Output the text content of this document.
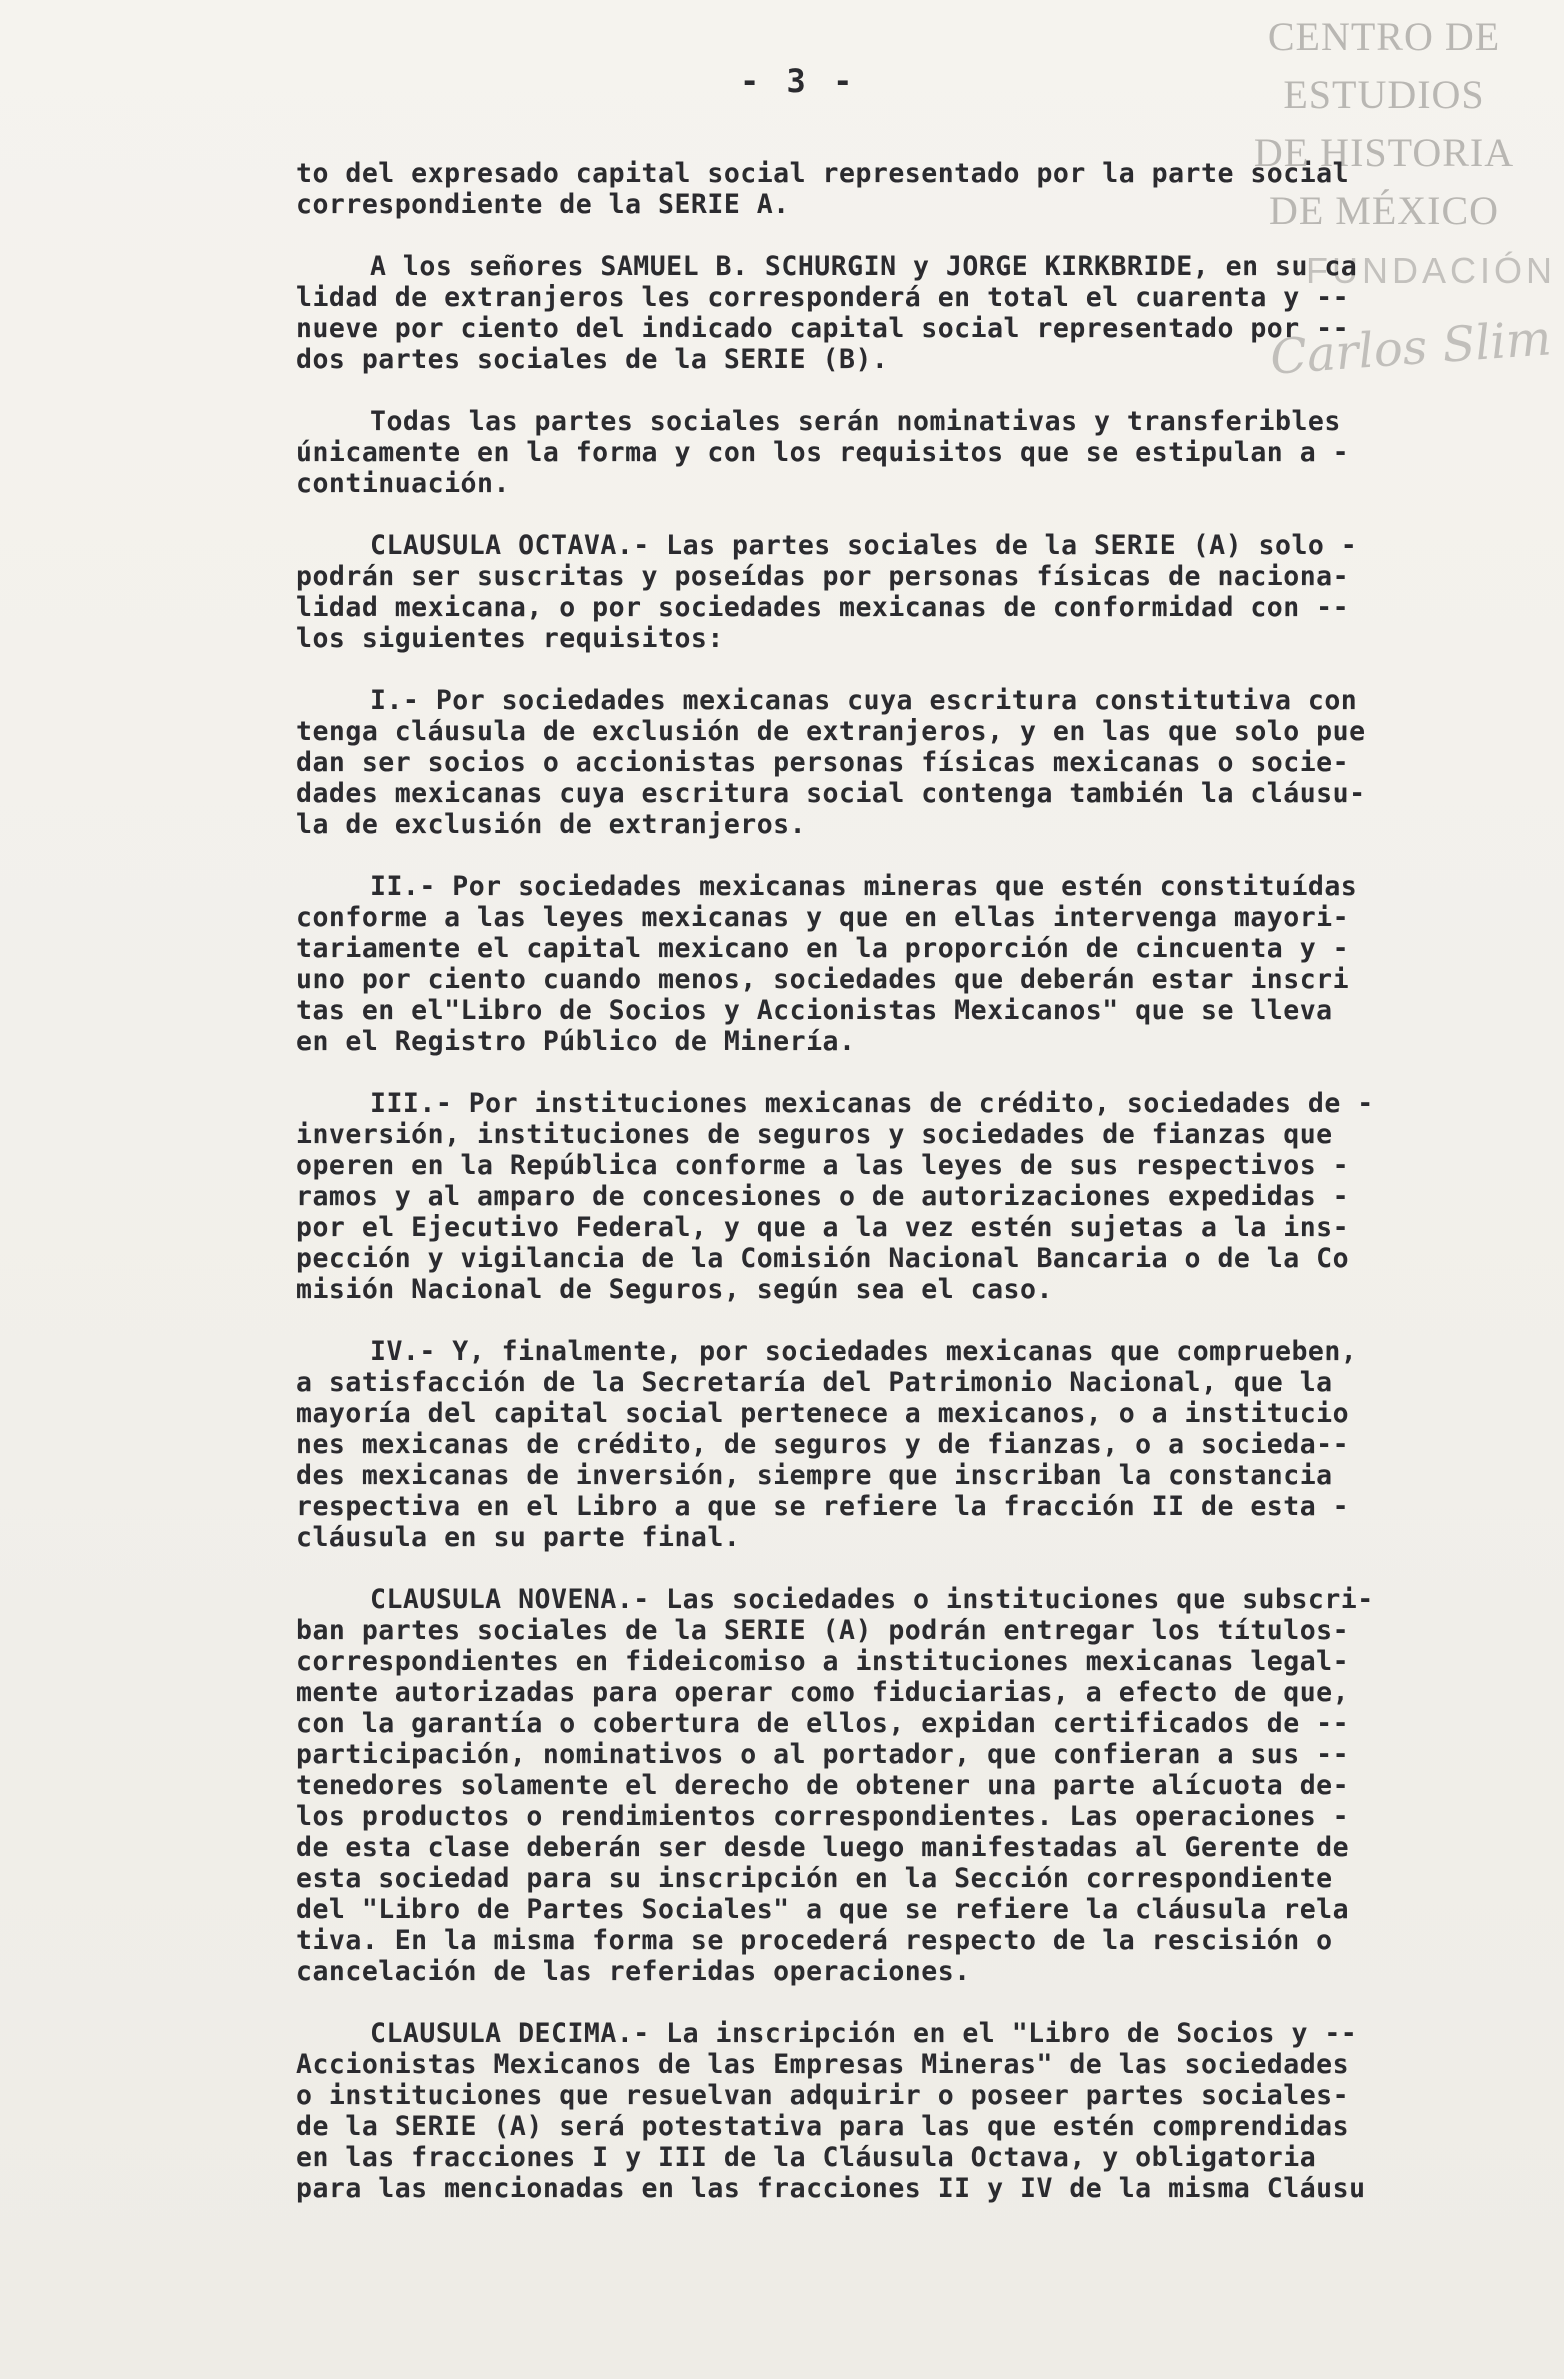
CENTRO DE
ESTUDIOS
DE HISTORIA
DE MÉXICO
FUNDACIÓN
Carlos Slim
- 3 -
to del expresado capital social representado por la parte social
correspondiente de la SERIE A.
A los señores SAMUEL B. SCHURGIN y JORGE KIRKBRIDE, en su ca
lidad de extranjeros les corresponderá en total el cuarenta y --
nueve por ciento del indicado capital social representado por --
dos partes sociales de la SERIE (B).
Todas las partes sociales serán nominativas y transferibles
únicamente en la forma y con los requisitos que se estipulan a -
continuación.
CLAUSULA OCTAVA.- Las partes sociales de la SERIE (A) solo -
podrán ser suscritas y poseídas por personas físicas de naciona-
lidad mexicana, o por sociedades mexicanas de conformidad con --
los siguientes requisitos:
I.- Por sociedades mexicanas cuya escritura constitutiva con
tenga cláusula de exclusión de extranjeros, y en las que solo pue
dan ser socios o accionistas personas físicas mexicanas o socie-
dades mexicanas cuya escritura social contenga también la cláusu-
la de exclusión de extranjeros.
II.- Por sociedades mexicanas mineras que estén constituídas
conforme a las leyes mexicanas y que en ellas intervenga mayori-
tariamente el capital mexicano en la proporción de cincuenta y -
uno por ciento cuando menos, sociedades que deberán estar inscri
tas en el"Libro de Socios y Accionistas Mexicanos" que se lleva
en el Registro Público de Minería.
III.- Por instituciones mexicanas de crédito, sociedades de -
inversión, instituciones de seguros y sociedades de fianzas que
operen en la República conforme a las leyes de sus respectivos -
ramos y al amparo de concesiones o de autorizaciones expedidas -
por el Ejecutivo Federal, y que a la vez estén sujetas a la ins-
pección y vigilancia de la Comisión Nacional Bancaria o de la Co
misión Nacional de Seguros, según sea el caso.
IV.- Y, finalmente, por sociedades mexicanas que comprueben,
a satisfacción de la Secretaría del Patrimonio Nacional, que la
mayoría del capital social pertenece a mexicanos, o a institucio
nes mexicanas de crédito, de seguros y de fianzas, o a socieda--
des mexicanas de inversión, siempre que inscriban la constancia
respectiva en el Libro a que se refiere la fracción II de esta -
cláusula en su parte final.
CLAUSULA NOVENA.- Las sociedades o instituciones que subscri-
ban partes sociales de la SERIE (A) podrán entregar los títulos-
correspondientes en fideicomiso a instituciones mexicanas legal-
mente autorizadas para operar como fiduciarias, a efecto de que,
con la garantía o cobertura de ellos, expidan certificados de --
participación, nominativos o al portador, que confieran a sus --
tenedores solamente el derecho de obtener una parte alícuota de-
los productos o rendimientos correspondientes. Las operaciones -
de esta clase deberán ser desde luego manifestadas al Gerente de
esta sociedad para su inscripción en la Sección correspondiente
del "Libro de Partes Sociales" a que se refiere la cláusula rela
tiva. En la misma forma se procederá respecto de la rescisión o
cancelación de las referidas operaciones.
CLAUSULA DECIMA.- La inscripción en el "Libro de Socios y --
Accionistas Mexicanos de las Empresas Mineras" de las sociedades
o instituciones que resuelvan adquirir o poseer partes sociales-
de la SERIE (A) será potestativa para las que estén comprendidas
en las fracciones I y III de la Cláusula Octava, y obligatoria
para las mencionadas en las fracciones II y IV de la misma Cláusu
